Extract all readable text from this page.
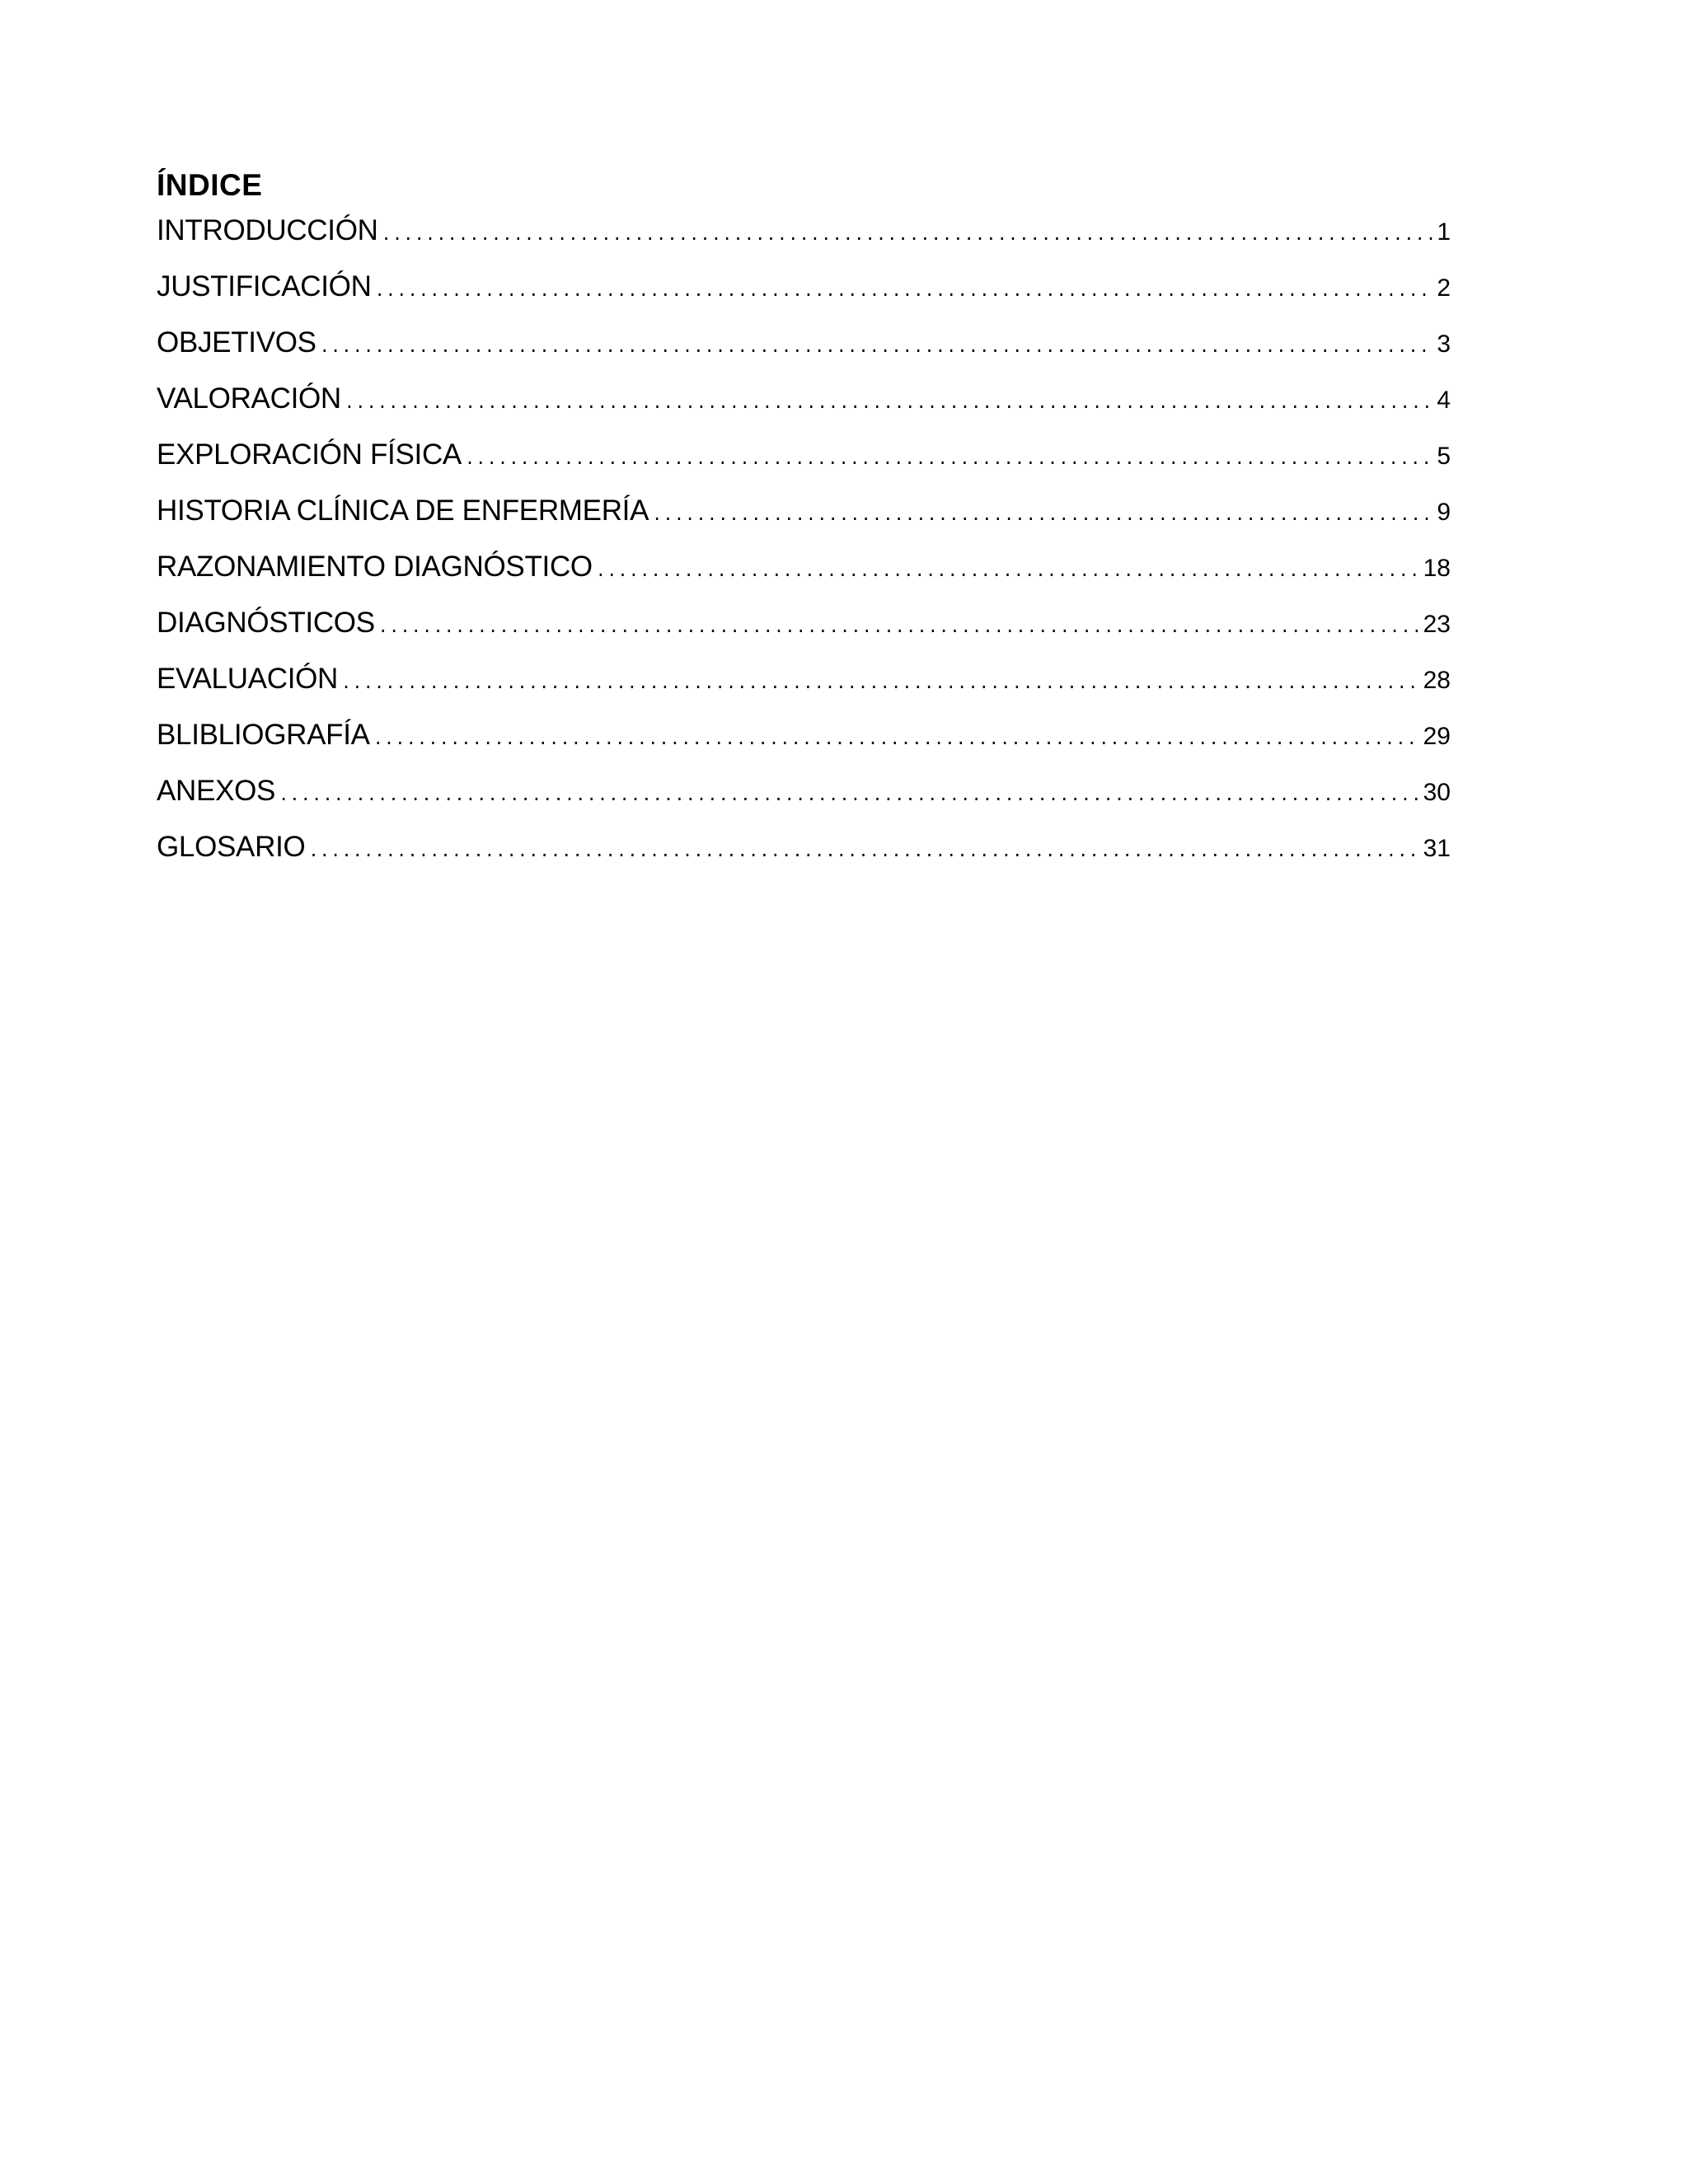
ÍNDICE
INTRODUCCIÓN .....	1
JUSTIFICACIÓN .....	2
OBJETIVOS .....	3
VALORACIÓN .....	4
EXPLORACIÓN FÍSICA .....	5
HISTORIA CLÍNICA DE ENFERMERÍA .....	9
RAZONAMIENTO DIAGNÓSTICO .....	18
DIAGNÓSTICOS .....	23
EVALUACIÓN .....	28
BLIBLIOGRAFÍA .....	29
ANEXOS .....	30
GLOSARIO .....	31
